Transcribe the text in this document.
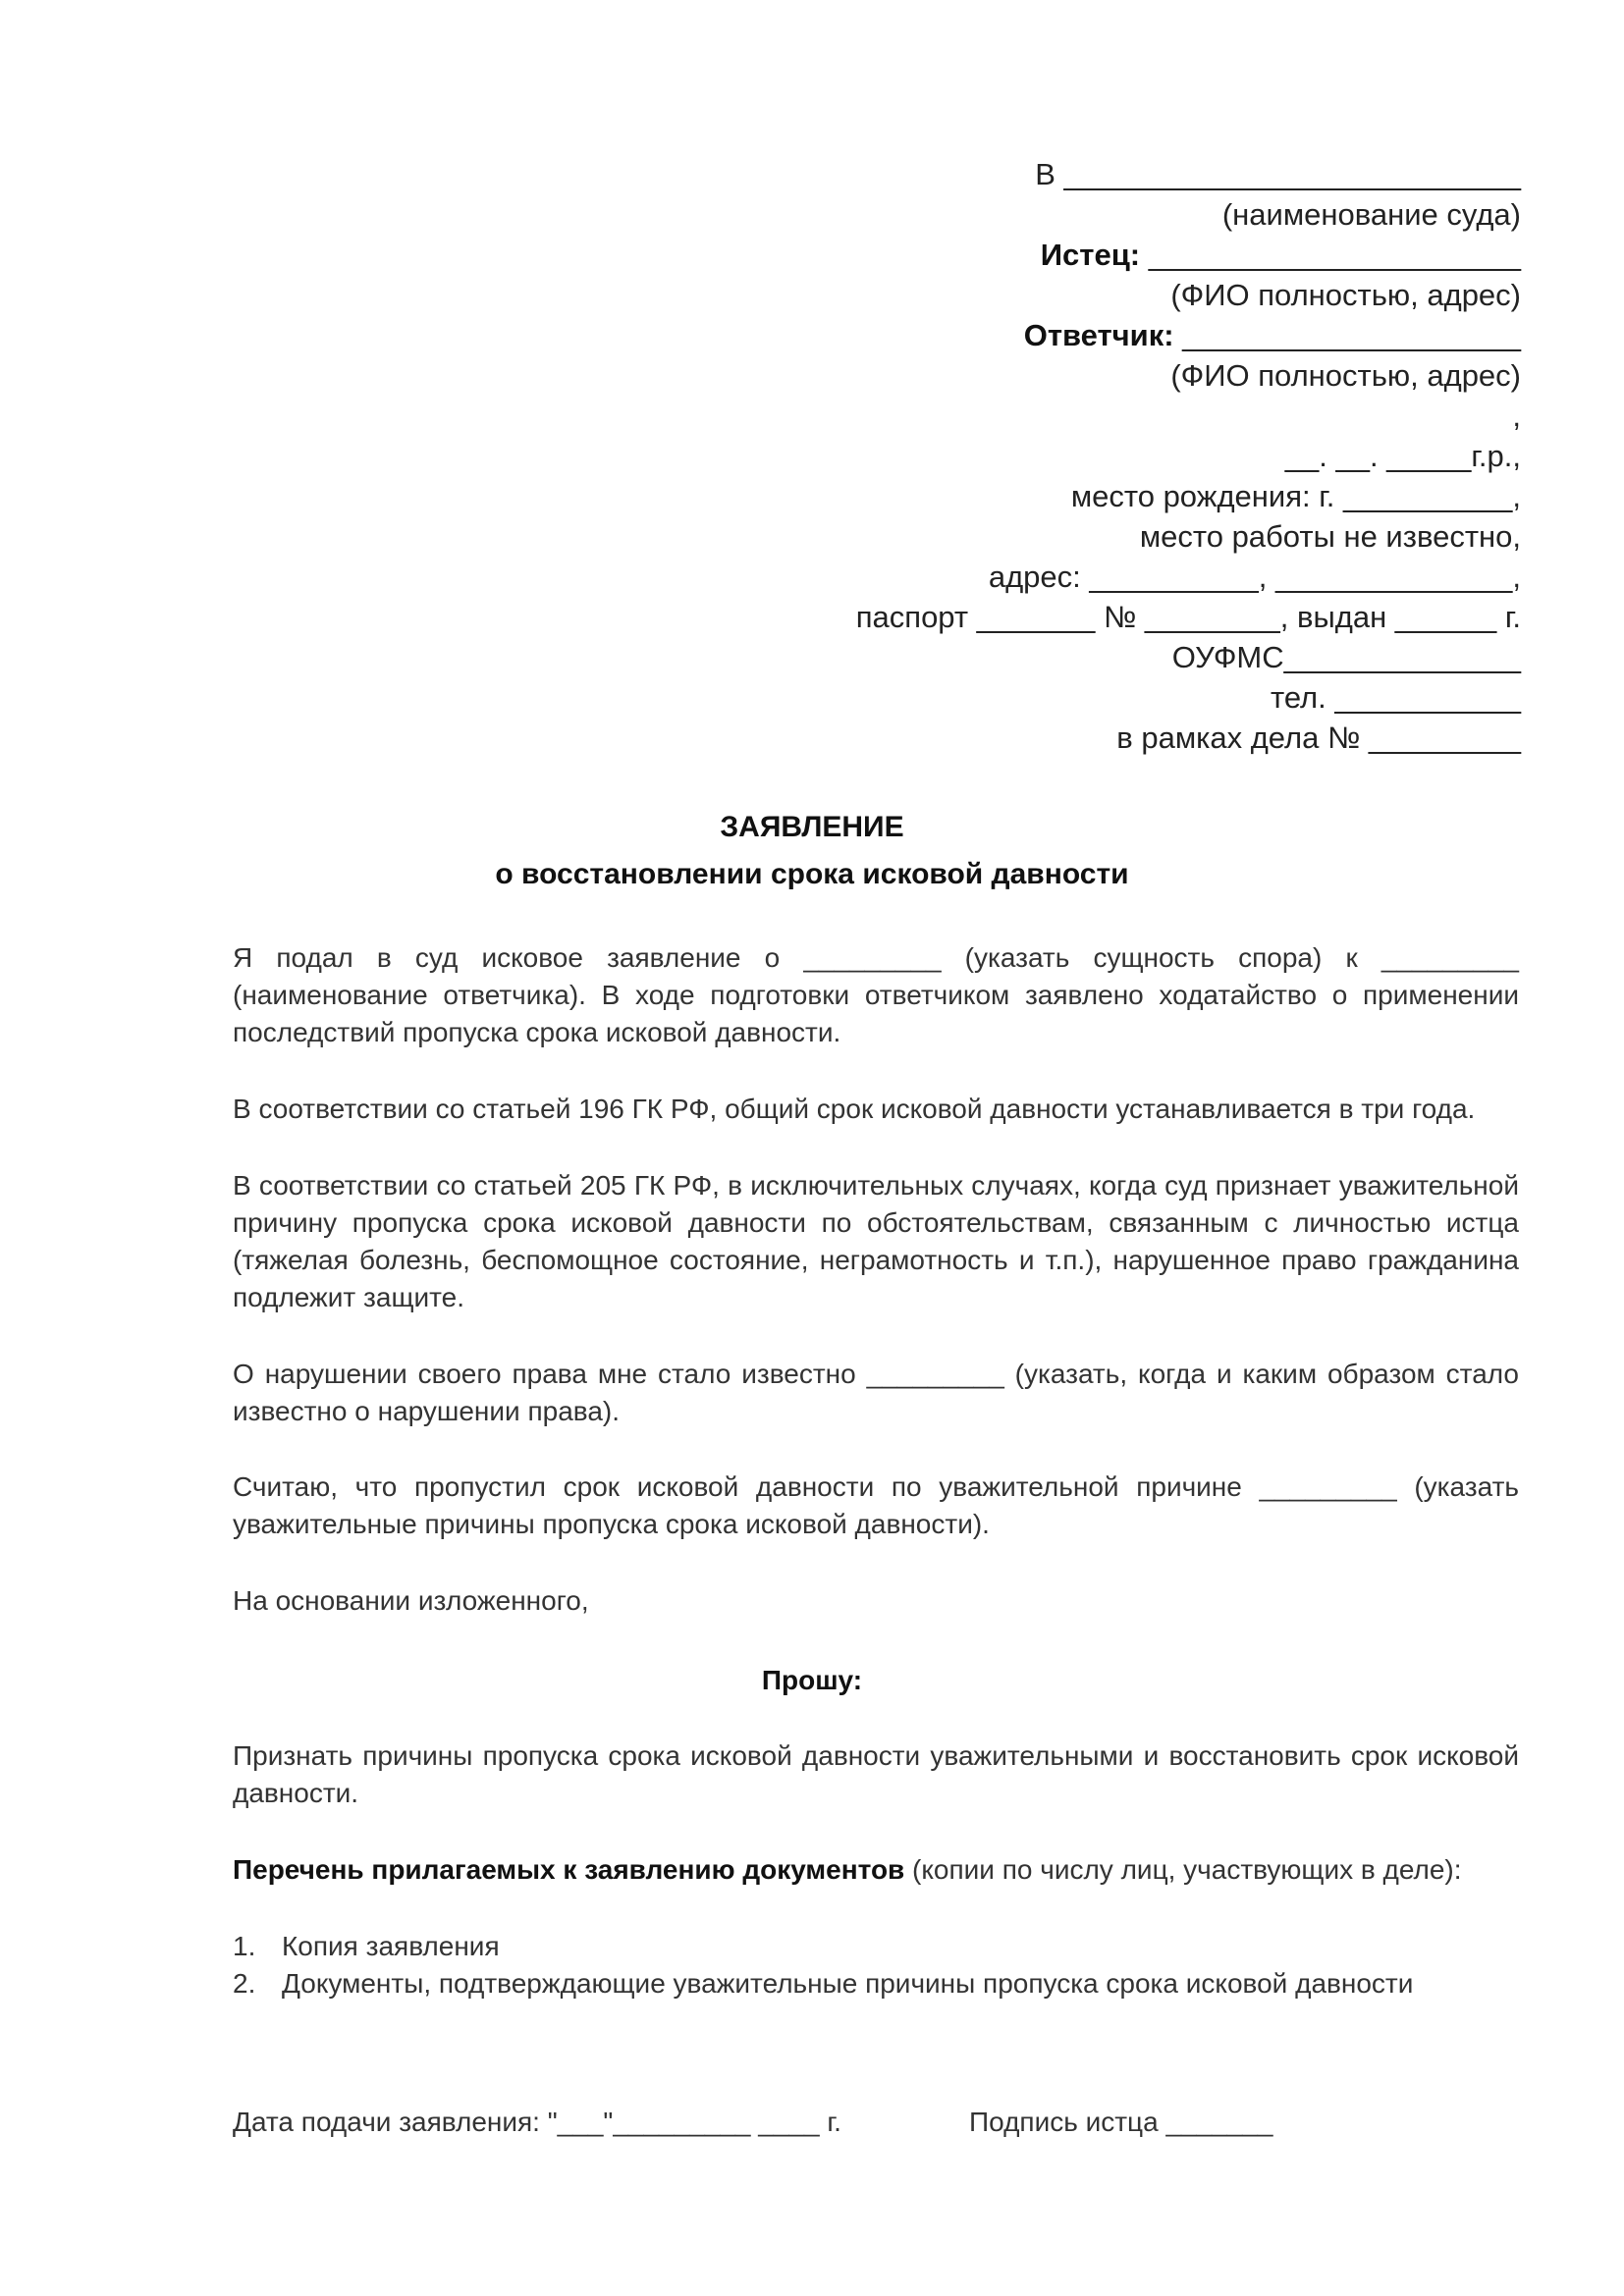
В ___________________________
(наименование суда)
Истец: ______________________
(ФИО полностью, адрес)
Ответчик: ____________________
(ФИО полностью, адрес)
,
__. __. _____г.р.,
место рождения: г. __________,
место работы не известно,
адрес: __________, ______________,
паспорт _______ № ________, выдан ______ г.
ОУФМС______________
тел. ___________
в рамках дела № _________
ЗАЯВЛЕНИЕ
о восстановлении срока исковой давности
Я подал в суд исковое заявление о _________ (указать сущность спора) к _________ (наименование ответчика). В ходе подготовки ответчиком заявлено ходатайство о применении последствий пропуска срока исковой давности.
В соответствии со статьей 196 ГК РФ, общий срок исковой давности устанавливается в три года.
В соответствии со статьей 205 ГК РФ, в исключительных случаях, когда суд признает уважительной причину пропуска срока исковой давности по обстоятельствам, связанным с личностью истца (тяжелая болезнь, беспомощное состояние, неграмотность и т.п.), нарушенное право гражданина подлежит защите.
О нарушении своего права мне стало известно _________ (указать, когда и каким образом стало известно о нарушении права).
Считаю, что пропустил срок исковой давности по уважительной причине _________ (указать уважительные причины пропуска срока исковой давности).
На основании изложенного,
Прошу:
Признать причины пропуска срока исковой давности уважительными и восстановить срок исковой давности.
Перечень прилагаемых к заявлению документов (копии по числу лиц, участвующих в деле):
1. Копия заявления
2. Документы, подтверждающие уважительные причины пропуска срока исковой давности
Дата подачи заявления: "___"_________ ____ г.	Подпись истца _______
